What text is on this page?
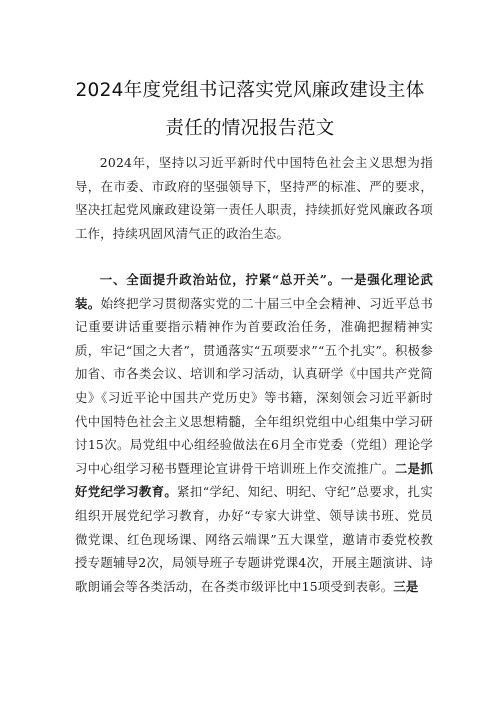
2024年度党组书记落实党风廉政建设主体
责任的情况报告范文

2024年，坚持以习近平新时代中国特色社会主义思想为指导，在市委、市政府的坚强领导下，坚持严的标准、严的要求，坚决扛起党风廉政建设第一责任人职责，持续抓好党风廉政各项工作，持续巩固风清气正的政治生态。

一、全面提升政治站位，拧紧“总开关”。一是强化理论武装。始终把学习贯彻落实党的二十届三中全会精神、习近平总书记重要讲话重要指示精神作为首要政治任务，准确把握精神实质，牢记“国之大者”，贯通落实“五项要求”“五个扎实”。积极参加省、市各类会议、培训和学习活动，认真研学《中国共产党简史》《习近平论中国共产党历史》等书籍，深刻领会习近平新时代中国特色社会主义思想精髓，全年组织党组中心组集中学习研讨15次。局党组中心组经验做法在6月全市党委（党组）理论学习中心组学习秘书暨理论宣讲骨干培训班上作交流推广。二是抓好党纪学习教育。紧扣“学纪、知纪、明纪、守纪”总要求，扎实组织开展党纪学习教育，办好“专家大讲堂、领导读书班、党员微党课、红色现场课、网络云端课”五大课堂，邀请市委党校教授专题辅导2次，局领导班子专题讲党课4次，开展主题演讲、诗歌朗诵会等各类活动，在各类市级评比中15项受到表彰。三是
